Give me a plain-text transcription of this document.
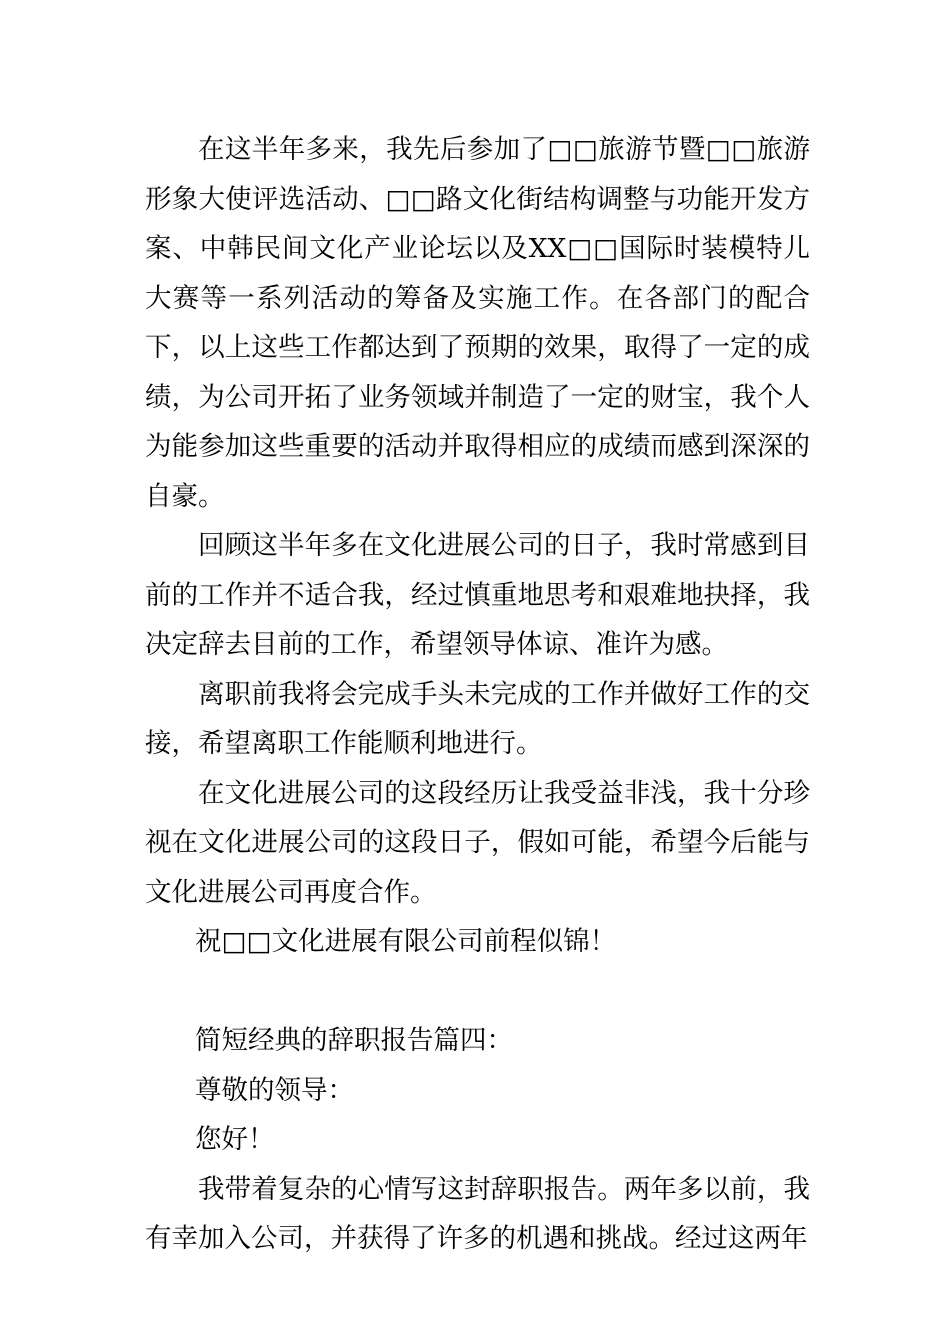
在这半年多来，我先后参加了□□旅游节暨□□旅游形象大使评选活动、□□路文化街结构调整与功能开发方案、中韩民间文化产业论坛以及XX□□国际时装模特儿大赛等一系列活动的筹备及实施工作。在各部门的配合下，以上这些工作都达到了预期的效果，取得了一定的成绩，为公司开拓了业务领域并制造了一定的财宝，我个人为能参加这些重要的活动并取得相应的成绩而感到深深的自豪。

回顾这半年多在文化进展公司的日子，我时常感到目前的工作并不适合我，经过慎重地思考和艰难地抉择，我决定辞去目前的工作，希望领导体谅、准许为感。

离职前我将会完成手头未完成的工作并做好工作的交接，希望离职工作能顺利地进行。

在文化进展公司的这段经历让我受益非浅，我十分珍视在文化进展公司的这段日子，假如可能，希望今后能与文化进展公司再度合作。

祝□□文化进展有限公司前程似锦！

简短经典的辞职报告篇四：

尊敬的领导：

您好！

我带着复杂的心情写这封辞职报告。两年多以前，我有幸加入公司，并获得了许多的机遇和挑战。经过这两年
